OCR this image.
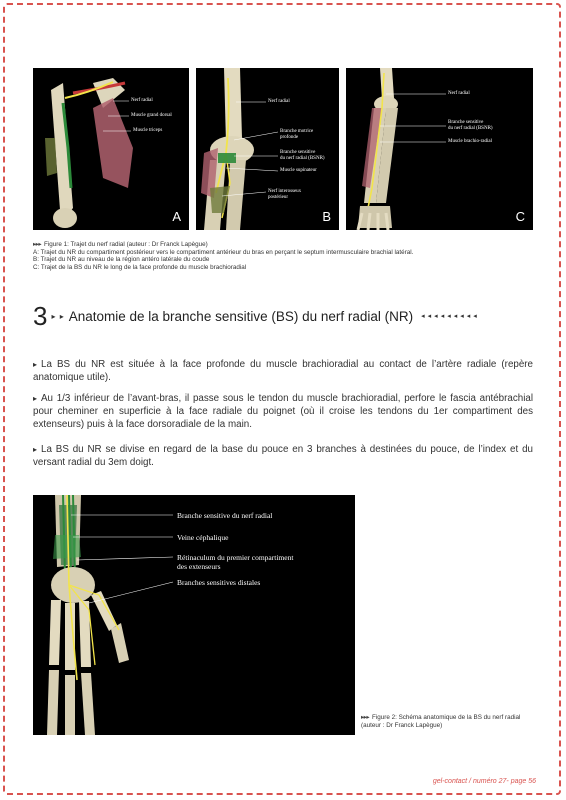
Nerf radial
Muscle grand dorsal
Muscle triceps
A
Nerf radial
Branche motrice
profonde
Branche sensitive
du nerf radial (BSNR)
Muscle supinateur
Nerf interosseux
postérieur
B
Nerf radial
Branche sensitive
du nerf radial (BSNR)
Muscle brachio-radial
C
▸▸▸ Figure 1: Trajet du nerf radial (auteur : Dr Franck Lapègue)
A: Trajet du NR du compartiment postérieur vers le compartiment antérieur du bras en perçant le septum intermusculaire brachial latéral.
B: Trajet du NR au niveau de la région antéro latérale du coude
C: Trajet de la BS du NR le long de la face profonde du muscle brachioradial
3 ▸ ▸ Anatomie de la branche sensitive (BS) du nerf radial (NR) ◂◂◂◂◂◂◂◂◂
▸ La BS du NR est située à la face profonde du muscle brachioradial au contact de l’artère radiale (repère anatomique utile).
▸ Au 1/3 inférieur de l’avant-bras, il passe sous le tendon du muscle brachioradial, perfore le fascia antébrachial pour cheminer en superficie à la face radiale du poignet (où il croise les tendons du 1er compartiment des extenseurs) puis à la face dorsoradiale de la main.
▸ La BS du NR se divise en regard de la base du pouce en 3 branches à destinées du pouce, de l’index et du versant radial du 3em doigt.
Branche sensitive du nerf radial
Veine céphalique
Rétinaculum du premier compartiment
des extenseurs
Branches sensitives distales
▸▸▸ Figure 2: Schéma anatomique de la BS du nerf radial (auteur : Dr Franck Lapègue)
gel-contact / numéro 27- page 56
